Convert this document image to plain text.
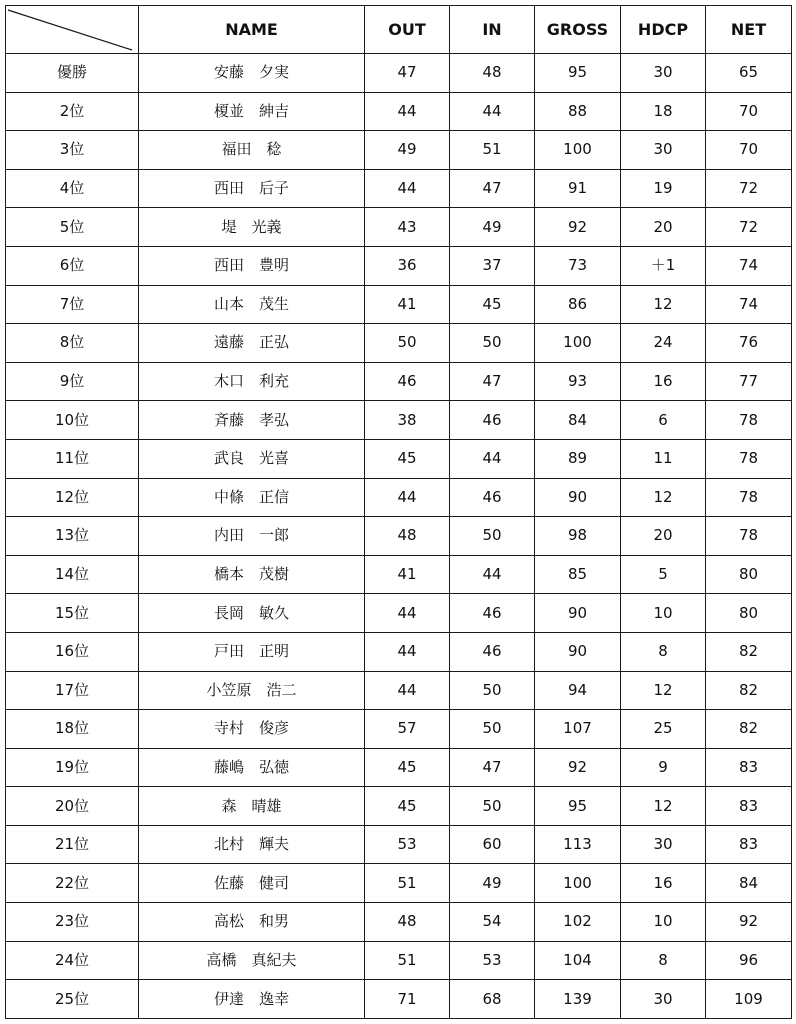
	NAME	OUT	IN	GROSS	HDCP	NET
優勝	安藤　夕実	47	48	95	30	65
2位	榎並　紳吉	44	44	88	18	70
3位	福田　稔	49	51	100	30	70
4位	西田　后子	44	47	91	19	72
5位	堤　光義	43	49	92	20	72
6位	西田　豊明	36	37	73	＋1	74
7位	山本　茂生	41	45	86	12	74
8位	遠藤　正弘	50	50	100	24	76
9位	木口　利充	46	47	93	16	77
10位	斉藤　孝弘	38	46	84	6	78
11位	武良　光喜	45	44	89	11	78
12位	中條　正信	44	46	90	12	78
13位	内田　一郎	48	50	98	20	78
14位	橋本　茂樹	41	44	85	5	80
15位	長岡　敏久	44	46	90	10	80
16位	戸田　正明	44	46	90	8	82
17位	小笠原　浩二	44	50	94	12	82
18位	寺村　俊彦	57	50	107	25	82
19位	藤嶋　弘徳	45	47	92	9	83
20位	森　晴雄	45	50	95	12	83
21位	北村　輝夫	53	60	113	30	83
22位	佐藤　健司	51	49	100	16	84
23位	高松　和男	48	54	102	10	92
24位	高橋　真紀夫	51	53	104	8	96
25位	伊達　逸幸	71	68	139	30	109
